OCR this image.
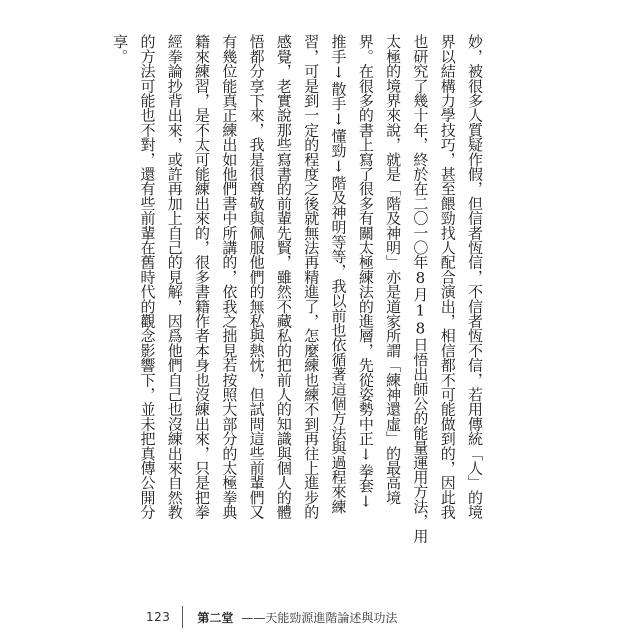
妙，被很多人質疑作假，但信者恆信，不信者恆不信，若用傳統「人」的境
界以結構力學技巧，甚至餵勁找人配合演出，相信都不可能做到的，因此我
也研究了幾十年，終於在二〇一〇年8月18日悟出師公的能量運用方法，用
太極的境界來說，就是「階及神明」亦是道家所謂「練神還虛」的最高境
界。在很多的書上寫了很多有關太極練法的進層，先從姿勢中正↓拳套↓
推手↓散手↓懂勁↓階及神明等等，我以前也依循著這個方法與過程來練
習，可是到一定的程度之後就無法再精進了，怎麼練也練不到再往上進步的
感覺，老實說那些寫書的前輩先賢，雖然不藏私的把前人的知識與個人的體
悟都分享下來，我是很尊敬與佩服他們的無私與熱忱，但試問這些前輩們又
有幾位能真正練出如他們書中所講的，依我之拙見若按照大部分的太極拳典
籍來練習，是不太可能練出來的，很多書籍作者本身也沒練出來，只是把拳
經拳論抄背出來，或許再加上自己的見解，因爲他們自己也沒練出來自然教
的方法可能也不對，還有些前輩在舊時代的觀念影響下，並未把真傳公開分
享。
123 第二堂 ——天能勁源進階論述與功法
